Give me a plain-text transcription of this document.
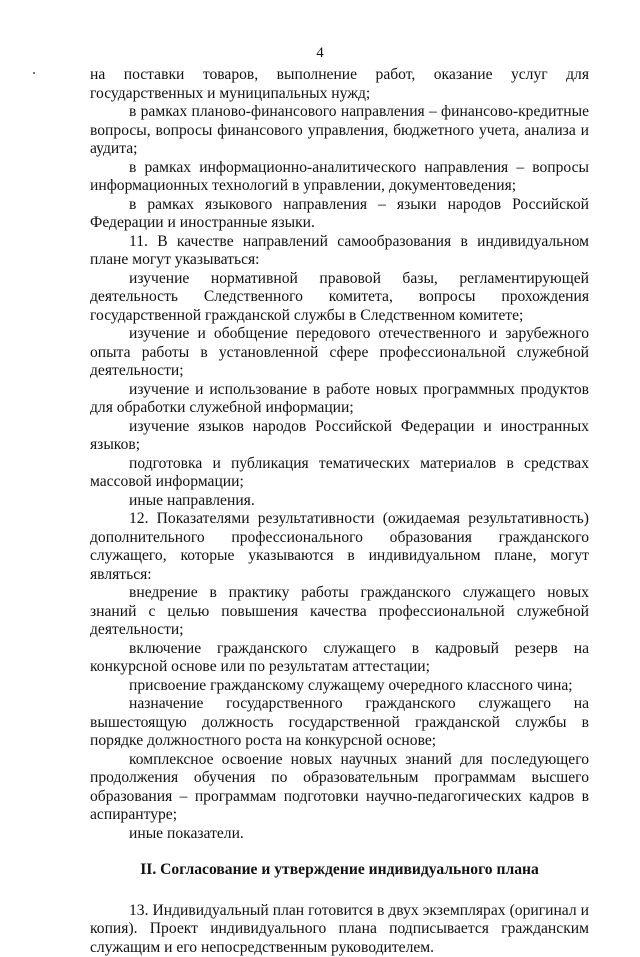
4

на поставки товаров, выполнение работ, оказание услуг для государственных и муниципальных нужд;

в рамках планово-финансового направления – финансово-кредитные вопросы, вопросы финансового управления, бюджетного учета, анализа и аудита;

в рамках информационно-аналитического направления – вопросы информационных технологий в управлении, документоведения;

в рамках языкового направления – языки народов Российской Федерации и иностранные языки.

11. В качестве направлений самообразования в индивидуальном плане могут указываться:

изучение нормативной правовой базы, регламентирующей деятельность Следственного комитета, вопросы прохождения государственной гражданской службы в Следственном комитете;

изучение и обобщение передового отечественного и зарубежного опыта работы в установленной сфере профессиональной служебной деятельности;

изучение и использование в работе новых программных продуктов для обработки служебной информации;

изучение языков народов Российской Федерации и иностранных языков;

подготовка и публикация тематических материалов в средствах массовой информации;

иные направления.

12. Показателями результативности (ожидаемая результативность) дополнительного профессионального образования гражданского служащего, которые указываются в индивидуальном плане, могут являться:

внедрение в практику работы гражданского служащего новых знаний с целью повышения качества профессиональной служебной деятельности;

включение гражданского служащего в кадровый резерв на конкурсной основе или по результатам аттестации;

присвоение гражданскому служащему очередного классного чина;

назначение государственного гражданского служащего на вышестоящую должность государственной гражданской службы в порядке должностного роста на конкурсной основе;

комплексное освоение новых научных знаний для последующего продолжения обучения по образовательным программам высшего образования – программам подготовки научно-педагогических кадров в аспирантуре;

иные показатели.

II. Согласование и утверждение индивидуального плана

13. Индивидуальный план готовится в двух экземплярах (оригинал и копия). Проект индивидуального плана подписывается гражданским служащим и его непосредственным руководителем.
